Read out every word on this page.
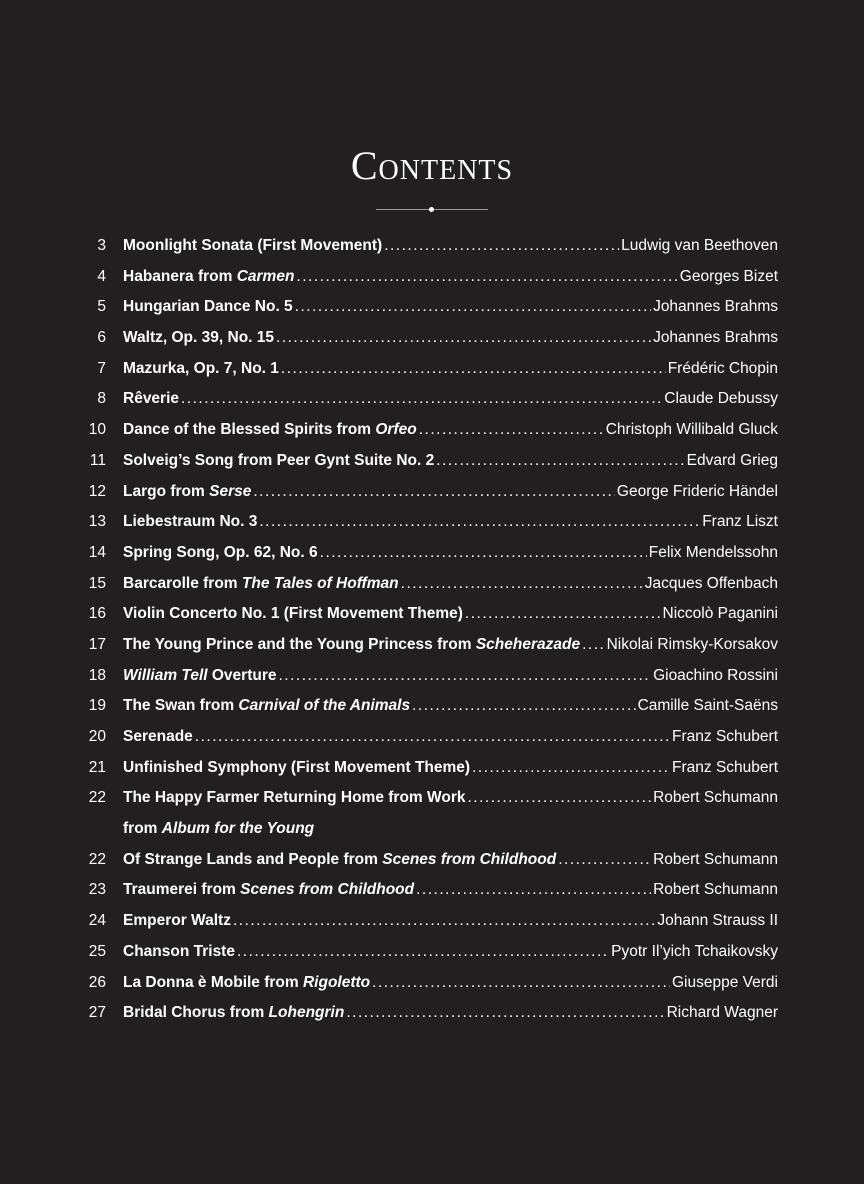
Contents
3 Moonlight Sonata (First Movement) .....	Ludwig van Beethoven
4 Habanera from Carmen .....	Georges Bizet
5 Hungarian Dance No. 5 .....	Johannes Brahms
6 Waltz, Op. 39, No. 15 .....	Johannes Brahms
7 Mazurka, Op. 7, No. 1 .....	Frédéric Chopin
8 Rêverie .....	Claude Debussy
10 Dance of the Blessed Spirits from Orfeo .....	Christoph Willibald Gluck
11 Solveig’s Song from Peer Gynt Suite No. 2 .....	Edvard Grieg
12 Largo from Serse .....	George Frideric Händel
13 Liebestraum No. 3 .....	Franz Liszt
14 Spring Song, Op. 62, No. 6 .....	Felix Mendelssohn
15 Barcarolle from The Tales of Hoffman .....	Jacques Offenbach
16 Violin Concerto No. 1 (First Movement Theme) .....	Niccolò Paganini
17 The Young Prince and the Young Princess from Scheherazade ..... Nikolai Rimsky-Korsakov
18 William Tell Overture .....	Gioachino Rossini
19 The Swan from Carnival of the Animals .....	Camille Saint-Saëns
20 Serenade .....	Franz Schubert
21 Unfinished Symphony (First Movement Theme) .....	Franz Schubert
22 The Happy Farmer Returning Home from Work .....	Robert Schumann
from Album for the Young
22 Of Strange Lands and People from Scenes from Childhood .....	Robert Schumann
23 Traumerei from Scenes from Childhood .....	Robert Schumann
24 Emperor Waltz .....	Johann Strauss II
25 Chanson Triste .....	Pyotr Il’yich Tchaikovsky
26 La Donna è Mobile from Rigoletto .....	Giuseppe Verdi
27 Bridal Chorus from Lohengrin .....	Richard Wagner
